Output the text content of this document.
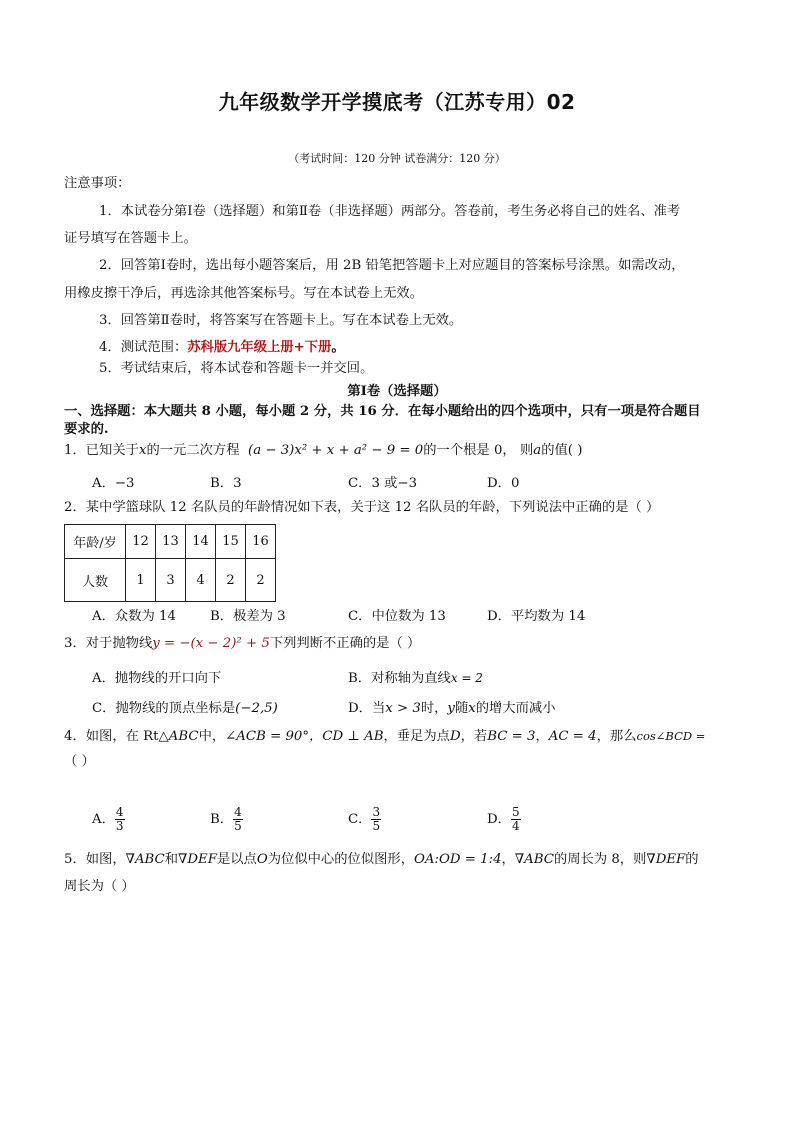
九年级数学开学摸底考（江苏专用）02
（考试时间：120 分钟 试卷满分：120 分）
注意事项：
1．本试卷分第Ⅰ卷（选择题）和第Ⅱ卷（非选择题）两部分。答卷前，考生务必将自己的姓名、准考
证号填写在答题卡上。
2．回答第Ⅰ卷时，选出每小题答案后，用 2B 铅笔把答题卡上对应题目的答案标号涂黑。如需改动，
用橡皮擦干净后，再选涂其他答案标号。写在本试卷上无效。
3．回答第Ⅱ卷时，将答案写在答题卡上。写在本试卷上无效。
4．测试范围：苏科版九年级上册+下册。
5．考试结束后，将本试卷和答题卡一并交回。
第Ⅰ卷（选择题）
一、选择题：本大题共 8 小题，每小题 2 分，共 16 分．在每小题给出的四个选项中，只有一项是符合题目
要求的.
1．已知关于x的一元二次方程 (a − 3)x² + x + a² − 9 = 0的一个根是 0， 则a的值( )
A．−3	B．3	C．3 或−3	D．0
2．某中学篮球队 12 名队员的年龄情况如下表，关于这 12 名队员的年龄，下列说法中正确的是（ ）
年龄/岁	12	13	14	15	16
人数	1	3	4	2	2
A．众数为 14	B．极差为 3	C．中位数为 13	D．平均数为 14
3．对于抛物线y = −(x − 2)² + 5下列判断不正确的是（ ）
A．抛物线的开口向下	B．对称轴为直线x = 2
C．抛物线的顶点坐标是(−2,5)	D．当x > 3时，y随x的增大而减小
4．如图，在 Rt△ABC中，∠ACB = 90°，CD ⊥ AB，垂足为点D，若BC = 3，AC = 4，那么cos∠BCD =
（ ）
A． $\frac{4}{3}$	B． $\frac{4}{5}$	C． $\frac{3}{5}$	D． $\frac{5}{4}$
5．如图，∇ABC和∇DEF是以点O为位似中心的位似图形，OA:OD = 1:4，∇ABC的周长为 8，则∇DEF的
周长为（ ）
